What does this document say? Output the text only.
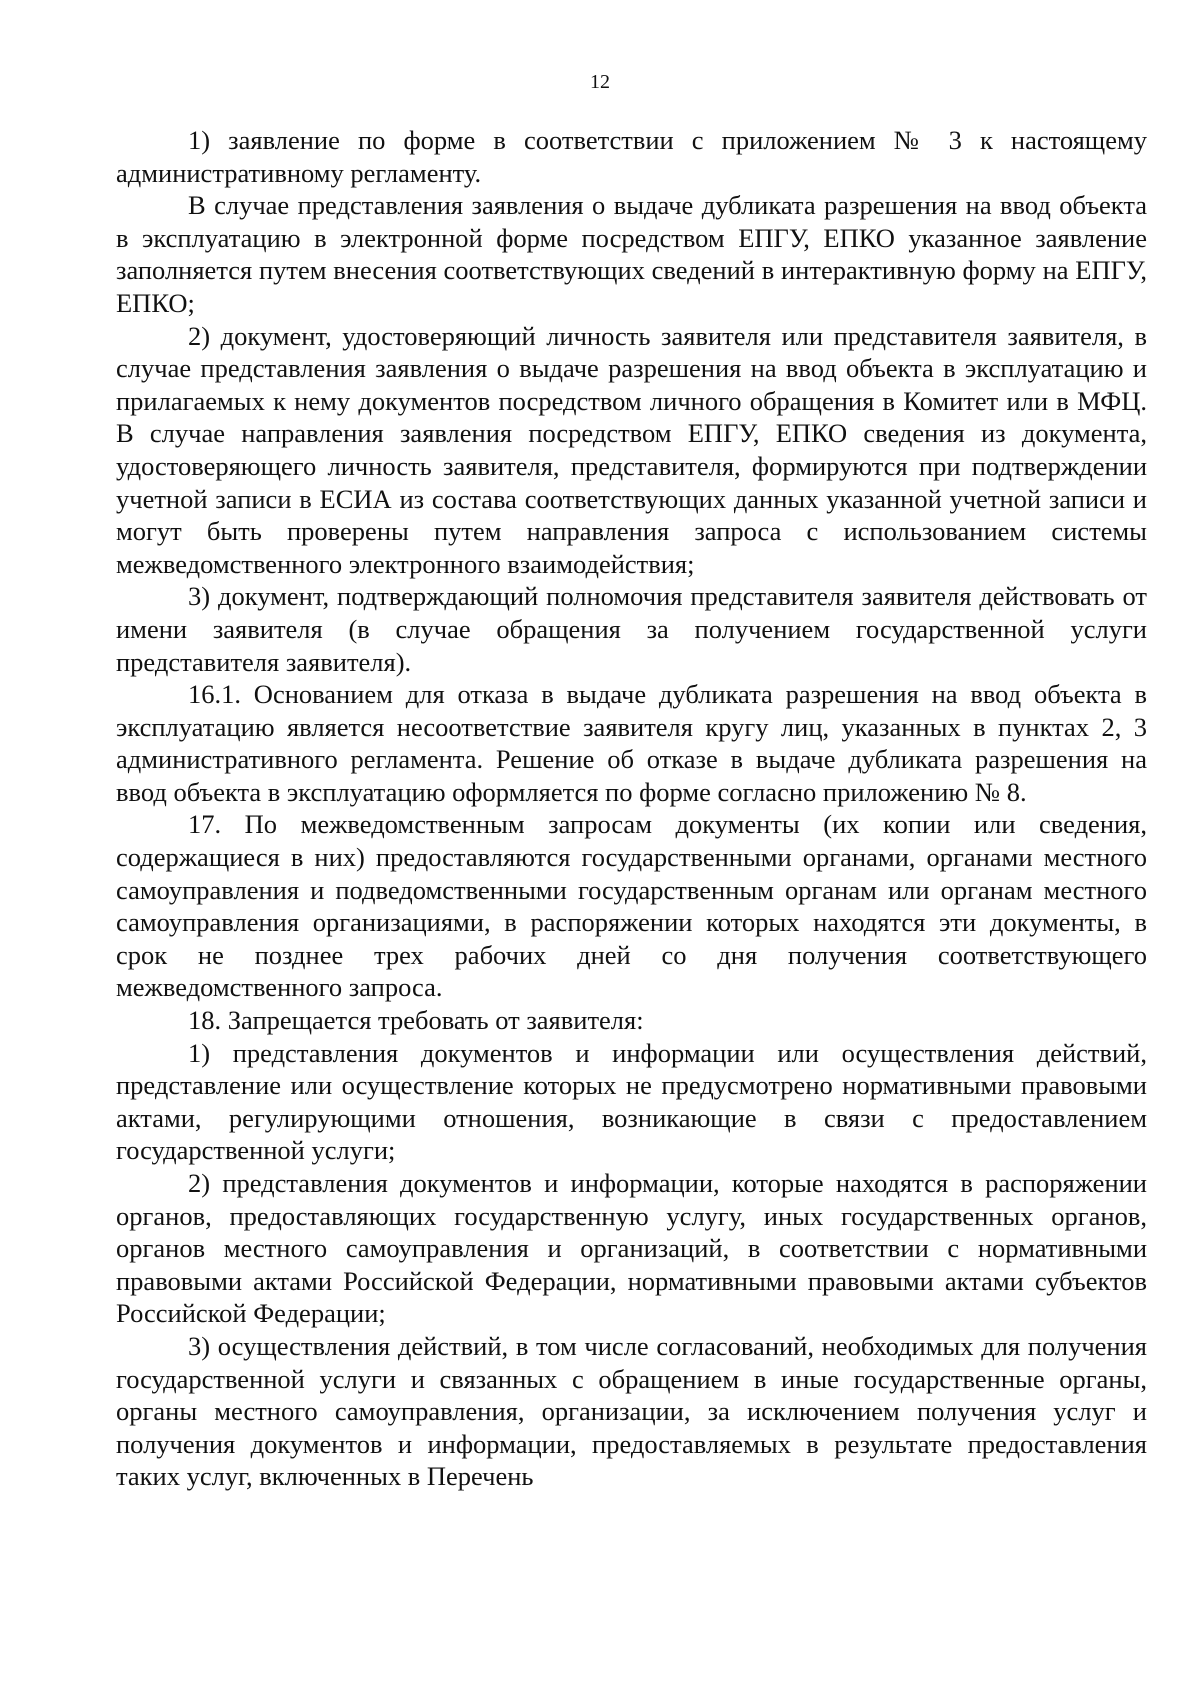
12

1) заявление по форме в соответствии с приложением № 3 к настоящему административному регламенту.

В случае представления заявления о выдаче дубликата разрешения на ввод объекта в эксплуатацию в электронной форме посредством ЕПГУ, ЕПКО указанное заявление заполняется путем внесения соответствующих сведений в интерактивную форму на ЕПГУ, ЕПКО;

2) документ, удостоверяющий личность заявителя или представителя заявителя, в случае представления заявления о выдаче разрешения на ввод объекта в эксплуатацию и прилагаемых к нему документов посредством личного обращения в Комитет или в МФЦ. В случае направления заявления посредством ЕПГУ, ЕПКО сведения из документа, удостоверяющего личность заявителя, представителя, формируются при подтверждении учетной записи в ЕСИА из состава соответствующих данных указанной учетной записи и могут быть проверены путем направления запроса с использованием системы межведомственного электронного взаимодействия;

3) документ, подтверждающий полномочия представителя заявителя действовать от имени заявителя (в случае обращения за получением государственной услуги представителя заявителя).

16.1. Основанием для отказа в выдаче дубликата разрешения на ввод объекта в эксплуатацию является несоответствие заявителя кругу лиц, указанных в пунктах 2, 3 административного регламента. Решение об отказе в выдаче дубликата разрешения на ввод объекта в эксплуатацию оформляется по форме согласно приложению № 8.

17. По межведомственным запросам документы (их копии или сведения, содержащиеся в них) предоставляются государственными органами, органами местного самоуправления и подведомственными государственным органам или органам местного самоуправления организациями, в распоряжении которых находятся эти документы, в срок не позднее трех рабочих дней со дня получения соответствующего межведомственного запроса.

18. Запрещается требовать от заявителя:

1) представления документов и информации или осуществления действий, представление или осуществление которых не предусмотрено нормативными правовыми актами, регулирующими отношения, возникающие в связи с предоставлением государственной услуги;

2) представления документов и информации, которые находятся в распоряжении органов, предоставляющих государственную услугу, иных государственных органов, органов местного самоуправления и организаций, в соответствии с нормативными правовыми актами Российской Федерации, нормативными правовыми актами субъектов Российской Федерации;

3) осуществления действий, в том числе согласований, необходимых для получения государственной услуги и связанных с обращением в иные государственные органы, органы местного самоуправления, организации, за исключением получения услуг и получения документов и информации, предоставляемых в результате предоставления таких услуг, включенных в Перечень
